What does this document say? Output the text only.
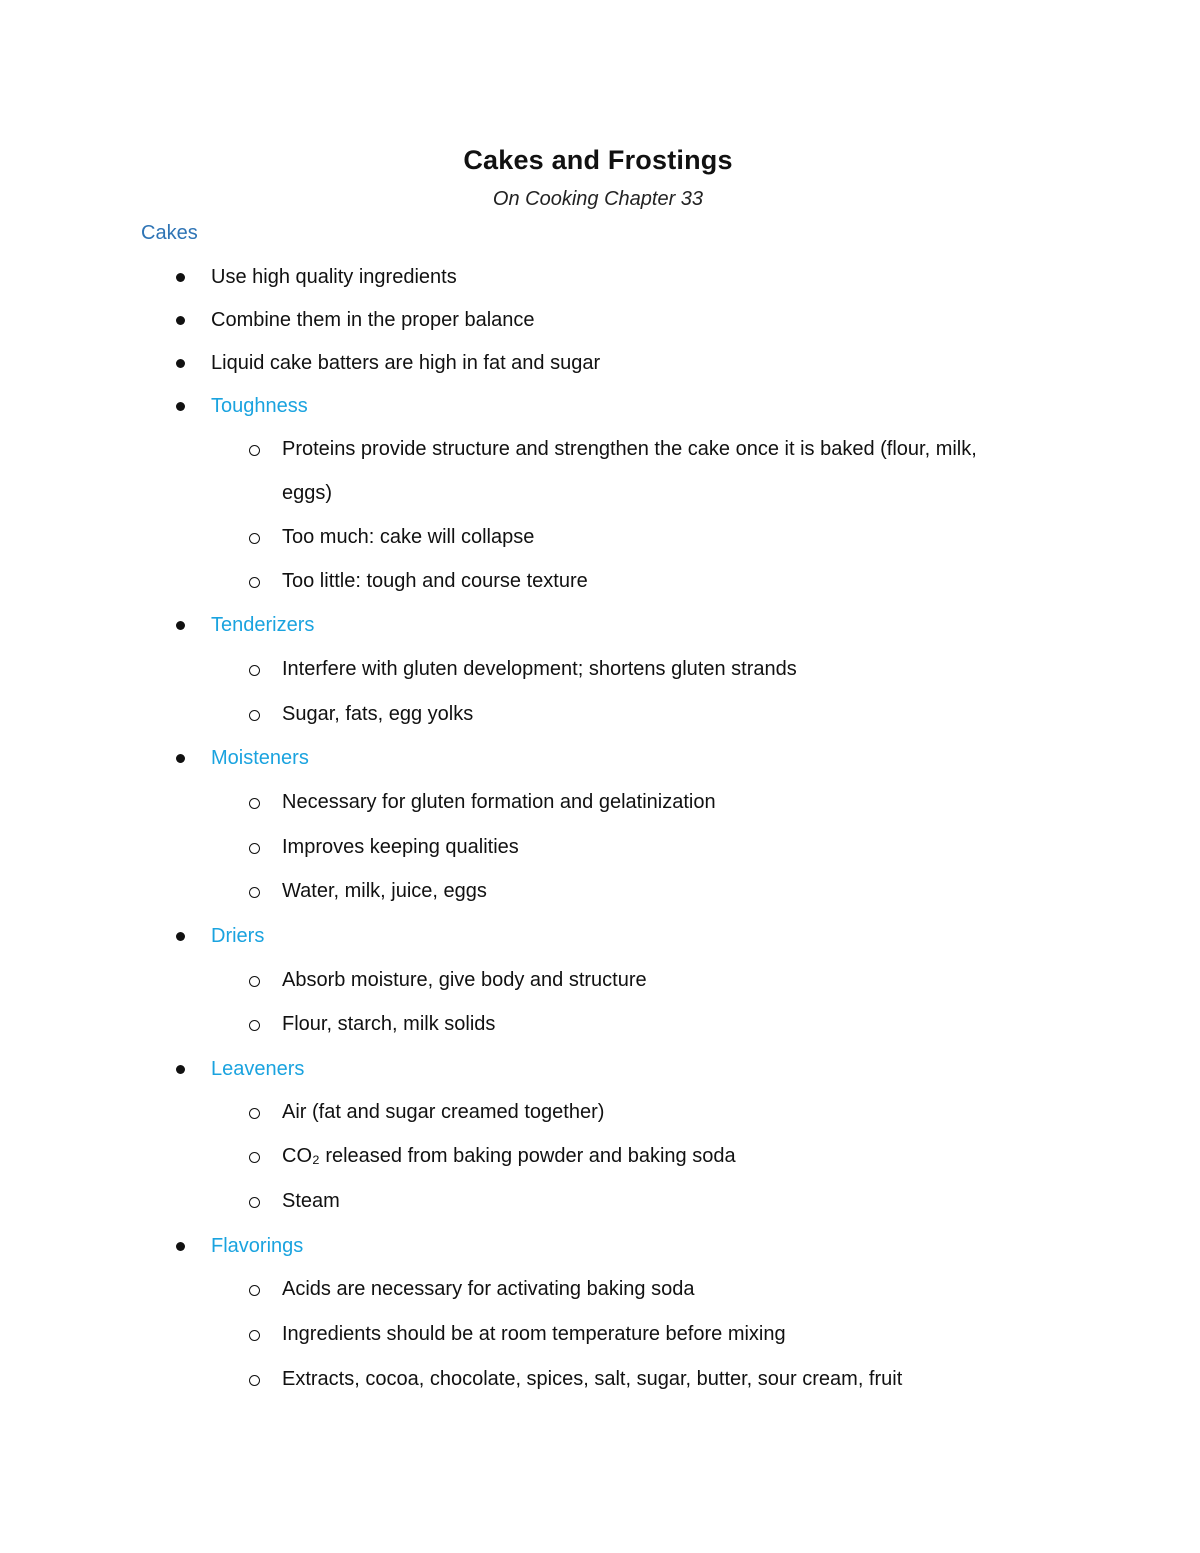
Cakes and Frostings
On Cooking Chapter 33
Cakes
Use high quality ingredients
Combine them in the proper balance
Liquid cake batters are high in fat and sugar
Toughness
Proteins provide structure and strengthen the cake once it is baked (flour, milk,
eggs)
Too much: cake will collapse
Too little: tough and course texture
Tenderizers
Interfere with gluten development; shortens gluten strands
Sugar, fats, egg yolks
Moisteners
Necessary for gluten formation and gelatinization
Improves keeping qualities
Water, milk, juice, eggs
Driers
Absorb moisture, give body and structure
Flour, starch, milk solids
Leaveners
Air (fat and sugar creamed together)
CO₂ released from baking powder and baking soda
Steam
Flavorings
Acids are necessary for activating baking soda
Ingredients should be at room temperature before mixing
Extracts, cocoa, chocolate, spices, salt, sugar, butter, sour cream, fruit
